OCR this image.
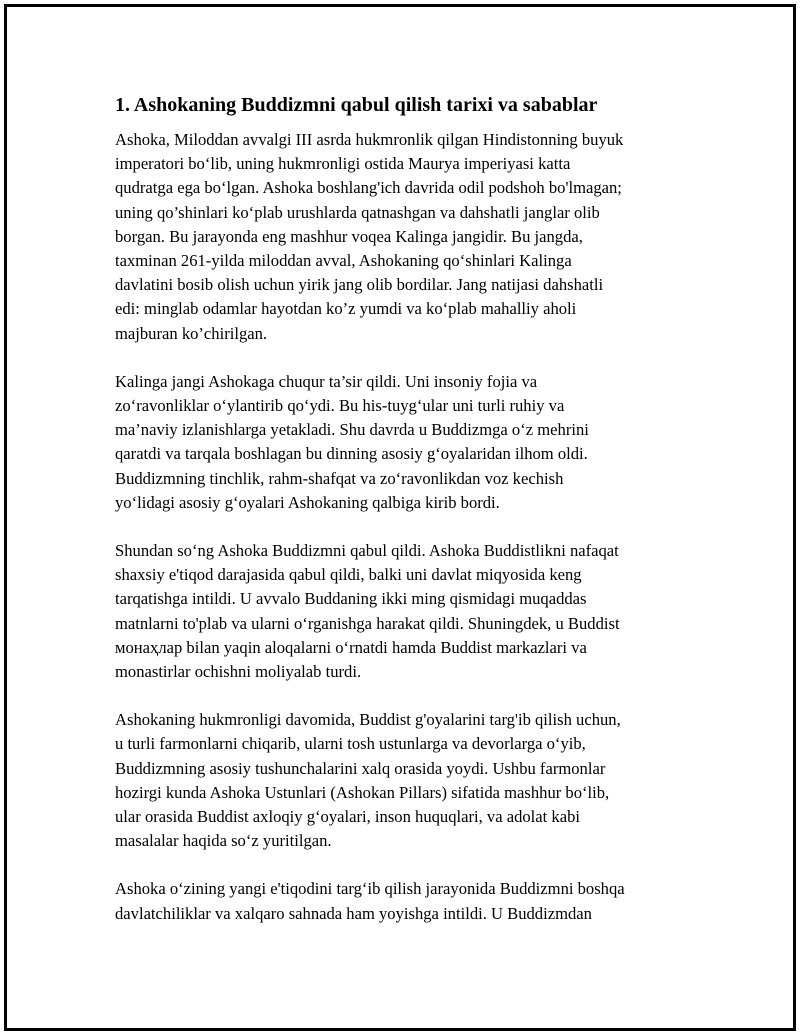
1. Ashokaning Buddizmni qabul qilish tarixi va sabablar
Ashoka, Miloddan avvalgi III asrda hukmronlik qilgan Hindistonning buyuk
imperatori boʻlib, uning hukmronligi ostida Maurya imperiyasi katta
qudratga ega boʻlgan. Ashoka boshlang'ich davrida odil podshoh bo'lmagan;
uning qo’shinlari ko‘plab urushlarda qatnashgan va dahshatli janglar olib
borgan. Bu jarayonda eng mashhur voqea Kalinga jangidir. Bu jangda,
taxminan 261-yilda miloddan avval, Ashokaning qo‘shinlari Kalinga
davlatini bosib olish uchun yirik jang olib bordilar. Jang natijasi dahshatli
edi: minglab odamlar hayotdan ko’z yumdi va ko‘plab mahalliy aholi
majburan ko’chirilgan.
Kalinga jangi Ashokaga chuqur ta’sir qildi. Uni insoniy fojia va
zo‘ravonliklar o‘ylantirib qo‘ydi. Bu his-tuyg‘ular uni turli ruhiy va
ma’naviy izlanishlarga yetakladi. Shu davrda u Buddizmga o‘z mehrini
qaratdi va tarqala boshlagan bu dinning asosiy g‘oyalaridan ilhom oldi.
Buddizmning tinchlik, rahm-shafqat va zo‘ravonlikdan voz kechish
yo‘lidagi asosiy g‘oyalari Ashokaning qalbiga kirib bordi.
Shundan so‘ng Ashoka Buddizmni qabul qildi. Ashoka Buddistlikni nafaqat
shaxsiy e'tiqod darajasida qabul qildi, balki uni davlat miqyosida keng
tarqatishga intildi. U avvalo Buddaning ikki ming qismidagi muqaddas
matnlarni to'plab va ularni o‘rganishga harakat qildi. Shuningdek, u Buddist
монаҳлар bilan yaqin aloqalarni o‘rnatdi hamda Buddist markazlari va
monastirlar ochishni moliyalab turdi.
Ashokaning hukmronligi davomida, Buddist g'oyalarini targ'ib qilish uchun,
u turli farmonlarni chiqarib, ularni tosh ustunlarga va devorlarga o‘yib,
Buddizmning asosiy tushunchalarini xalq orasida yoydi. Ushbu farmonlar
hozirgi kunda Ashoka Ustunlari (Ashokan Pillars) sifatida mashhur bo‘lib,
ular orasida Buddist axloqiy g‘oyalari, inson huquqlari, va adolat kabi
masalalar haqida so‘z yuritilgan.
Ashoka o‘zining yangi e'tiqodini targ‘ib qilish jarayonida Buddizmni boshqa
davlatchiliklar va xalqaro sahnada ham yoyishga intildi. U Buddizmdan
